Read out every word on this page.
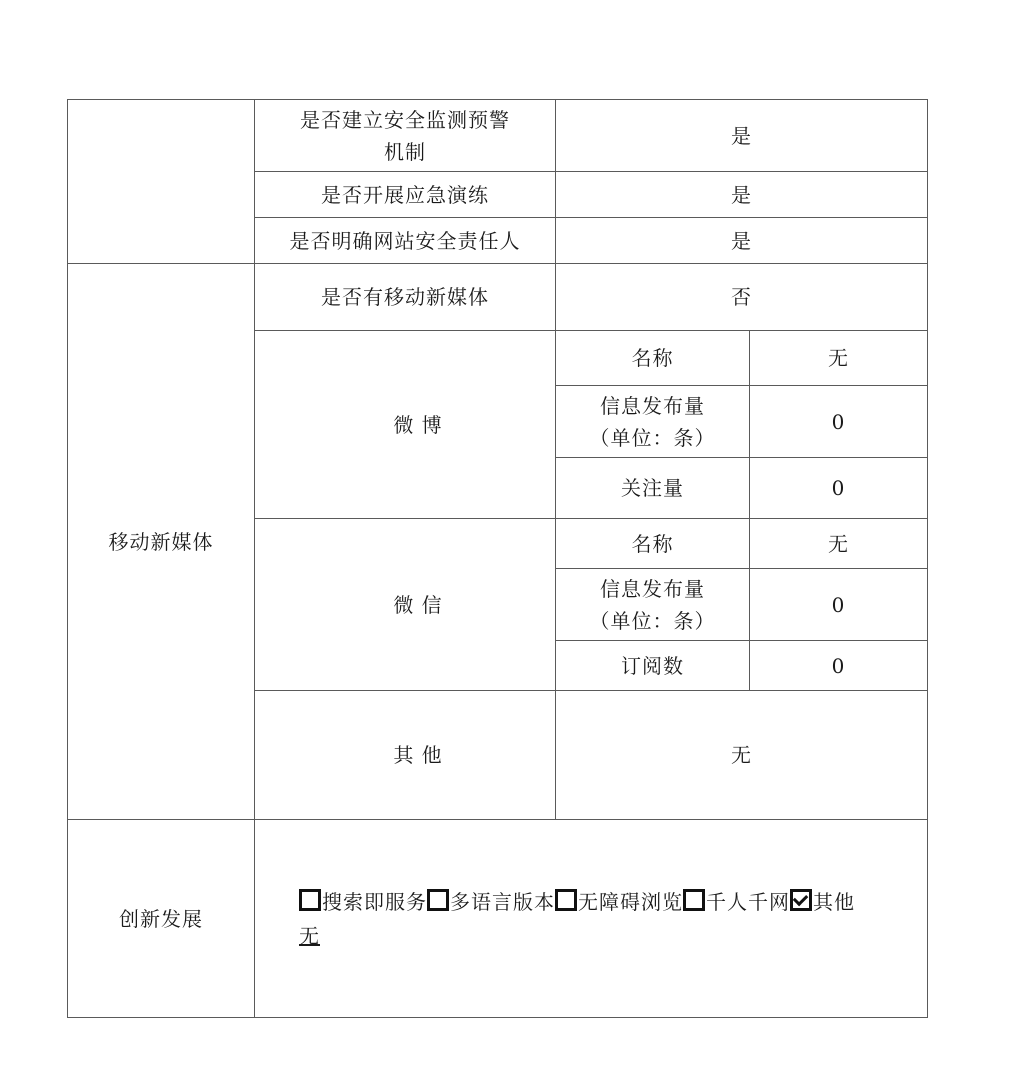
	是否建立安全监测预警机制	是	
	是否开展应急演练	是	
	是否明确网站安全责任人	是	
移动新媒体	是否有移动新媒体	否	
	微 博	名称	无
		信息发布量（单位：条）	0
		关注量	0
	微 信	名称	无
		信息发布量（单位：条）	0
		订阅数	0
	其 他	无	
创新发展	搜索即服务 多语言版本 无障碍浏览 千人千网 其他
无		
